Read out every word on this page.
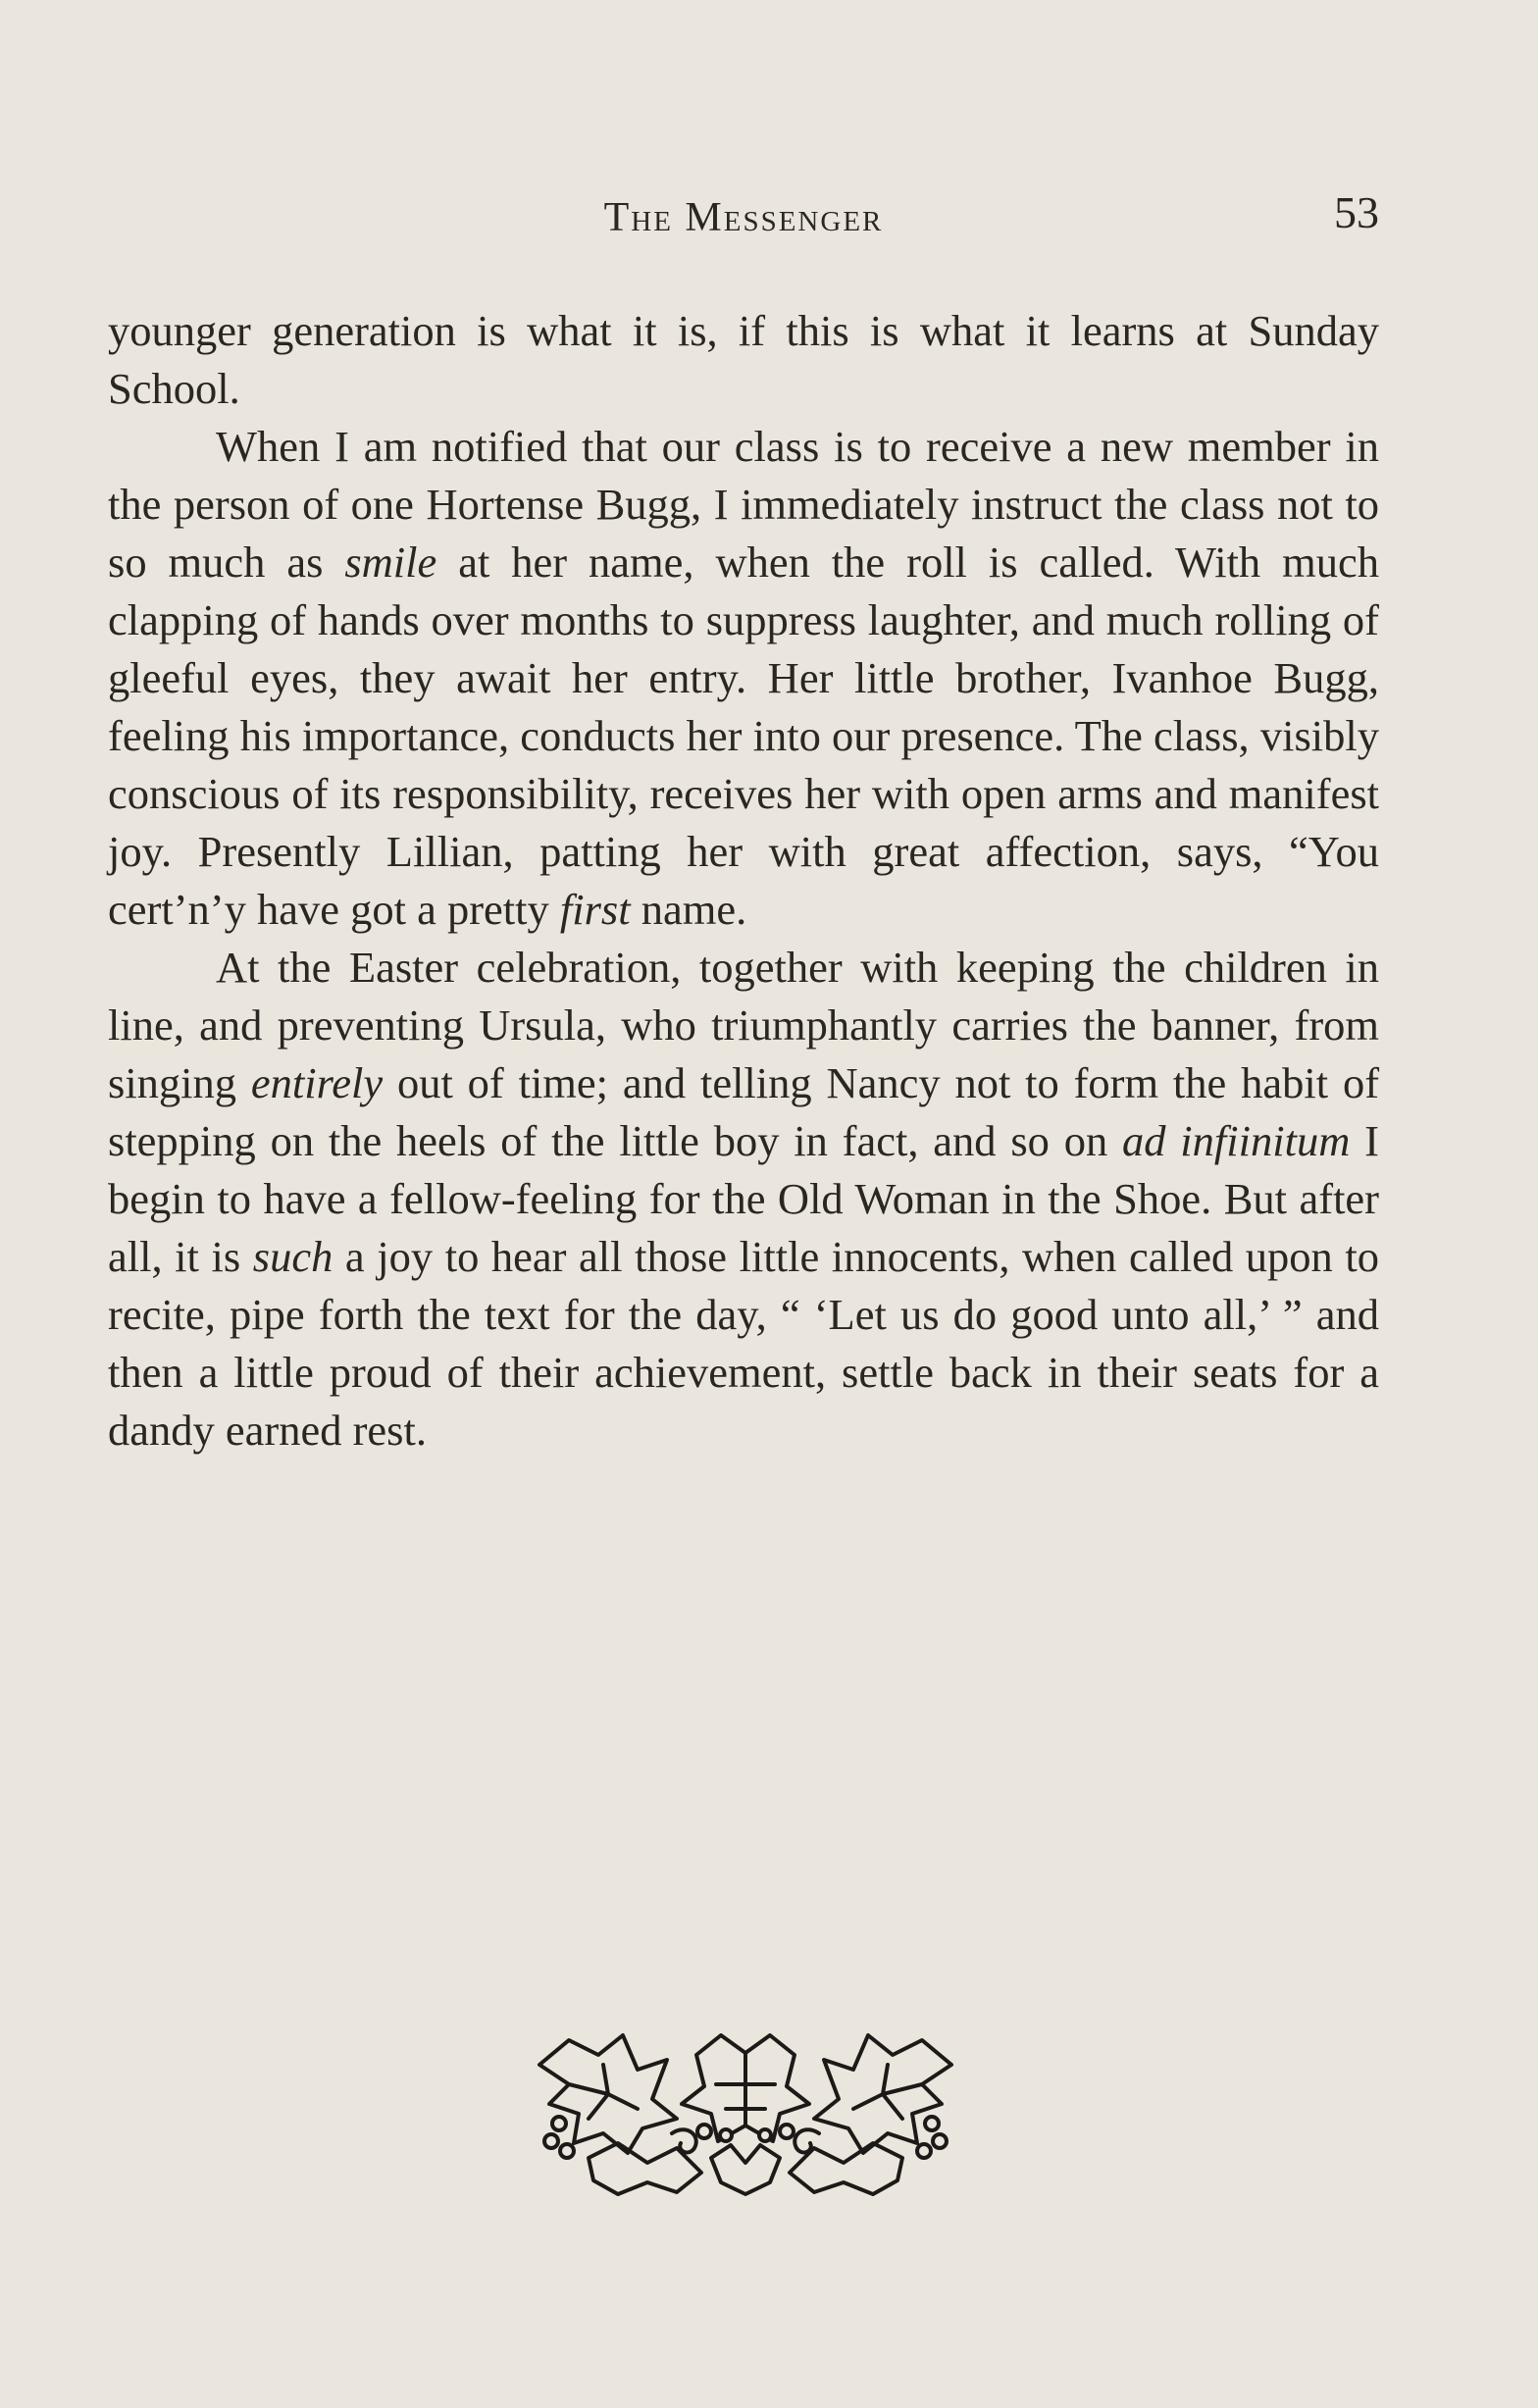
The Messenger	53

younger generation is what it is, if this is what it learns at Sunday School.

When I am notified that our class is to receive a new member in the person of one Hortense Bugg, I immediately instruct the class not to so much as smile at her name, when the roll is called. With much clapping of hands over months to suppress laughter, and much rolling of gleeful eyes, they await her entry. Her little brother, Ivanhoe Bugg, feeling his importance, conducts her into our presence. The class, visibly conscious of its responsibility, receives her with open arms and manifest joy. Presently Lillian, patting her with great affection, says, “You cert’n’y have got a pretty first name.

At the Easter celebration, together with keeping the children in line, and preventing Ursula, who triumphantly carries the banner, from singing entirely out of time; and telling Nancy not to form the habit of stepping on the heels of the little boy in fact, and so on ad infiinitum I begin to have a fellow-feeling for the Old Woman in the Shoe. But after all, it is such a joy to hear all those little innocents, when called upon to recite, pipe forth the text for the day, “ ‘Let us do good unto all,’ ” and then a little proud of their achievement, settle back in their seats for a dandy earned rest.
